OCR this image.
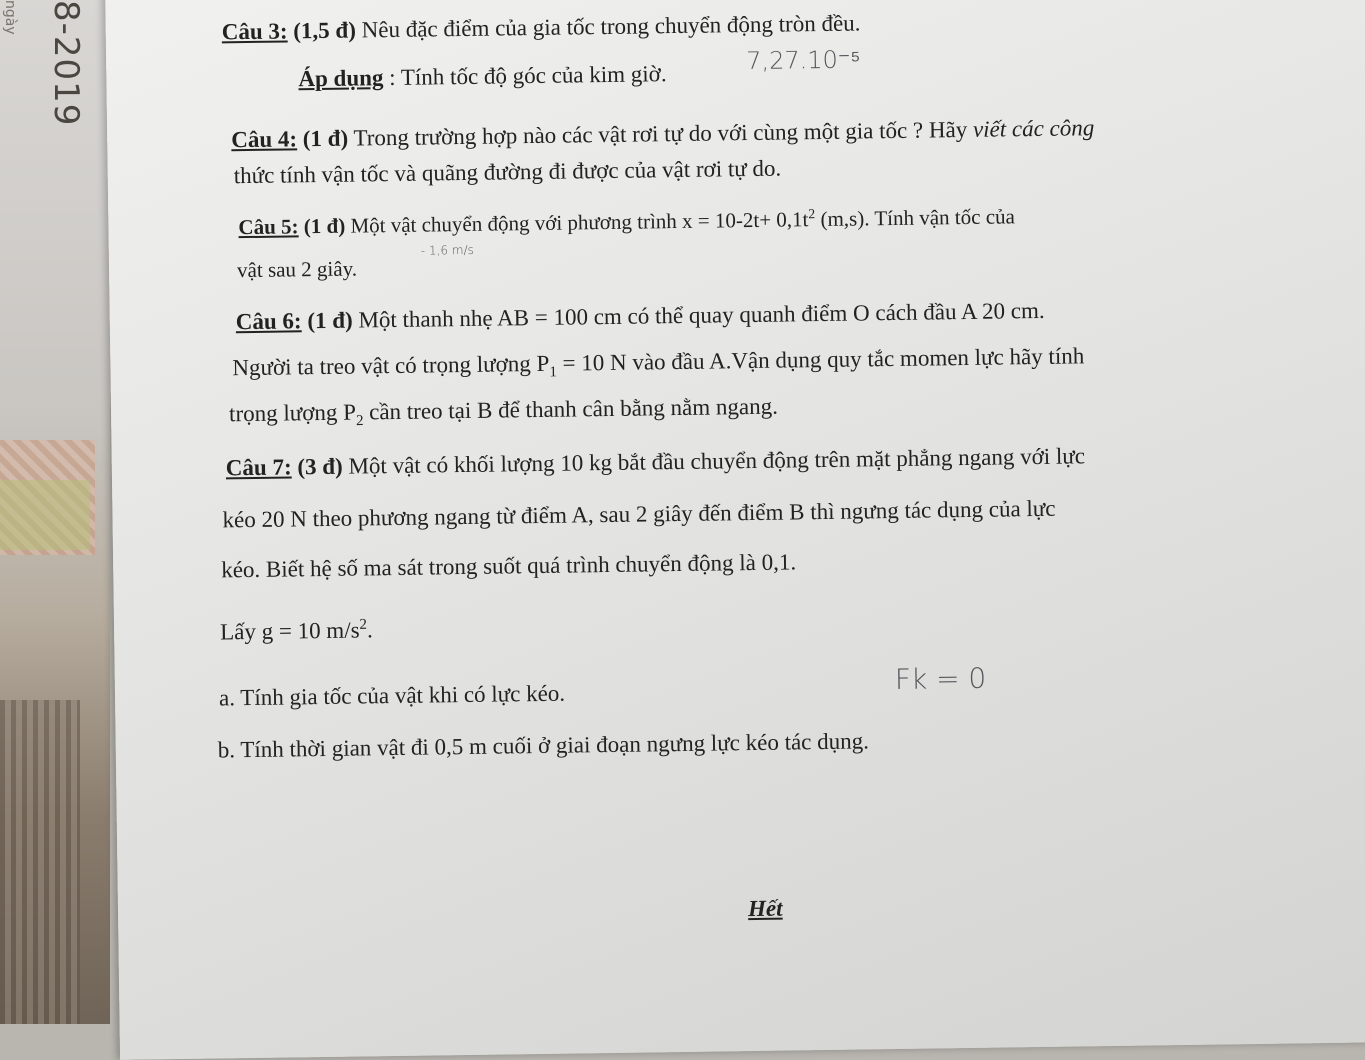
ngày 8-2019	Câu 3: (1,5 đ) Nêu đặc điểm của gia tốc trong chuyển động tròn đều.
Áp dụng : Tính tốc độ góc của kim giờ.
7,27.10⁻⁵
Câu 4: (1 đ) Trong trường hợp nào các vật rơi tự do với cùng một gia tốc ? Hãy viết các công
thức tính vận tốc và quãng đường đi được của vật rơi tự do.
Câu 5: (1 đ) Một vật chuyển động với phương trình $x = 10-2t+ 0,1t^2$ (m,s). Tính vận tốc của
vật sau 2 giây.
- 1,6 m/s
Câu 6: (1 đ) Một thanh nhẹ AB = 100 cm có thể quay quanh điểm O cách đầu A 20 cm.
Người ta treo vật có trọng lượng $P_1 = 10$ N vào đầu A.Vận dụng quy tắc momen lực hãy tính
trọng lượng $P_2$ cần treo tại B để thanh cân bằng nằm ngang.
Câu 7: (3 đ) Một vật có khối lượng 10 kg bắt đầu chuyển động trên mặt phẳng ngang với lực
kéo 20 N theo phương ngang từ điểm A, sau 2 giây đến điểm B thì ngưng tác dụng của lực
kéo. Biết hệ số ma sát trong suốt quá trình chuyển động là 0,1.
Lấy g = 10 $m/s^2$.
a. Tính gia tốc của vật khi có lực kéo.	Fk = 0
b. Tính thời gian vật đi 0,5 m cuối ở giai đoạn ngưng lực kéo tác dụng.
Hết
